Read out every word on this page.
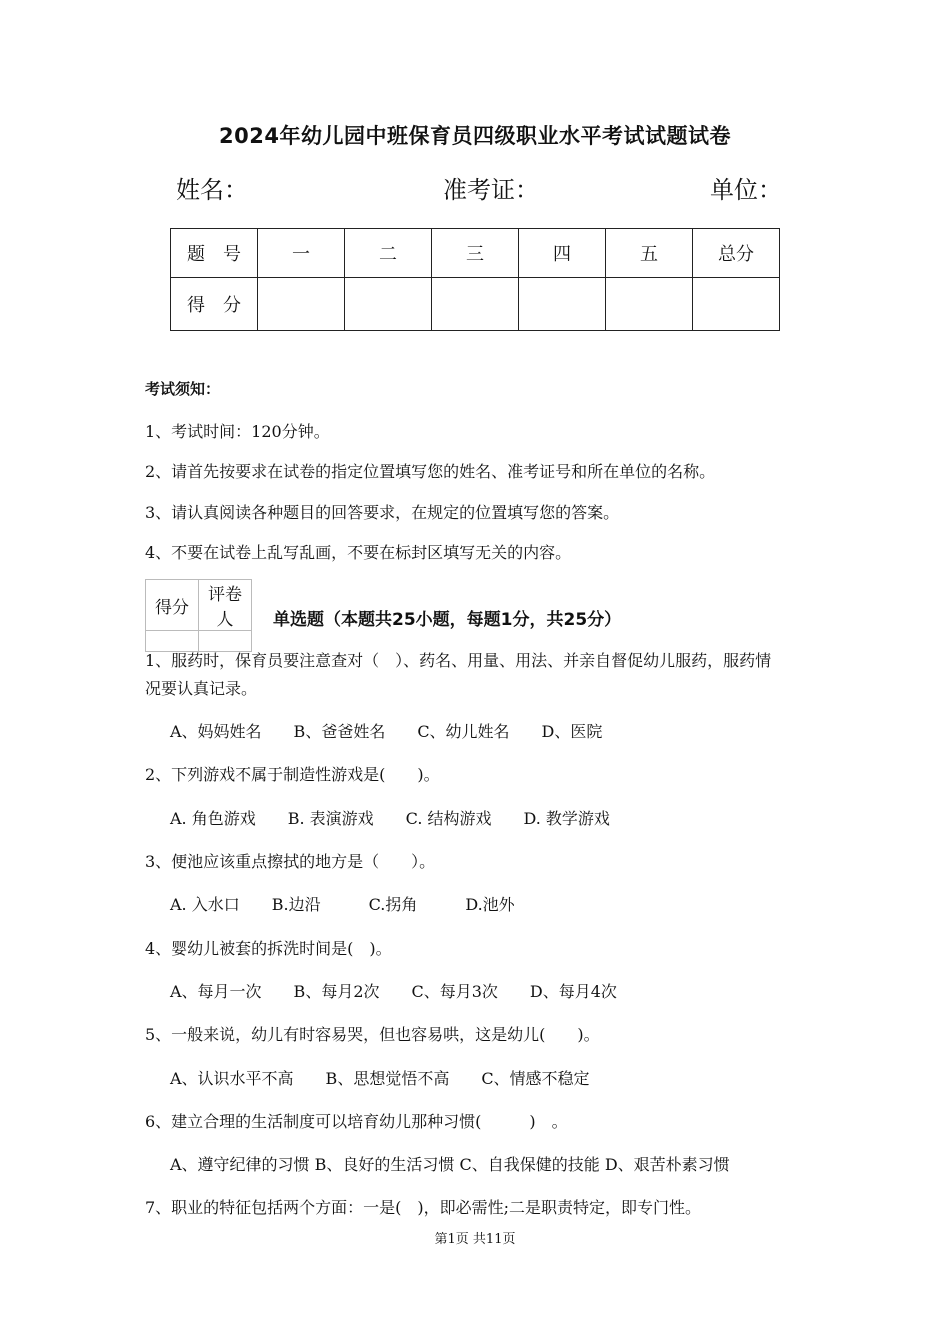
2024年幼儿园中班保育员四级职业水平考试试题试卷
姓名：	准考证：	单位：
题　号	一	二	三	四	五	总分
得　分						
考试须知：
1、考试时间：120分钟。
2、请首先按要求在试卷的指定位置填写您的姓名、准考证号和所在单位的名称。
3、请认真阅读各种题目的回答要求，在规定的位置填写您的答案。
4、不要在试卷上乱写乱画，不要在标封区填写无关的内容。
得分	评卷人
	单选题（本题共25小题，每题1分，共25分）
1、服药时，保育员要注意查对（　）、药名、用量、用法、并亲自督促幼儿服药，服药情
况要认真记录。
A、妈妈姓名　　B、爸爸姓名　　C、幼儿姓名　　D、医院
2、下列游戏不属于制造性游戏是(　　)。
A. 角色游戏　　B. 表演游戏　　C. 结构游戏　　D. 教学游戏
3、便池应该重点擦拭的地方是（　　）。
A. 入水口　　B.边沿　　　C.拐角　　　D.池外
4、婴幼儿被套的拆洗时间是(　)。
A、每月一次　　B、每月2次　　C、每月3次　　D、每月4次
5、一般来说，幼儿有时容易哭，但也容易哄，这是幼儿(　　)。
A、认识水平不高　　B、思想觉悟不高　　C、情感不稳定
6、建立合理的生活制度可以培育幼儿那种习惯(　　　)　。
A、遵守纪律的习惯 B、良好的生活习惯 C、自我保健的技能 D、艰苦朴素习惯
7、职业的特征包括两个方面：一是(　)，即必需性;二是职责特定，即专门性。
第1页 共11页
